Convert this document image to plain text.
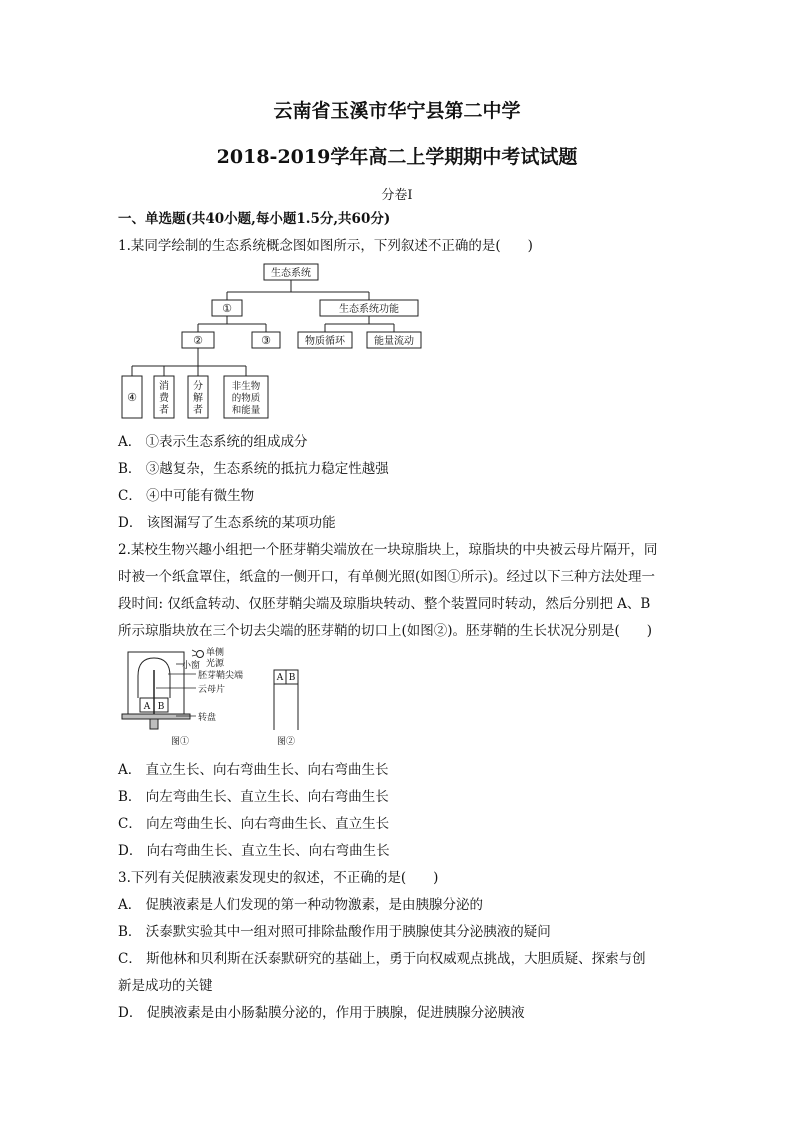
云南省玉溪市华宁县第二中学
2018-2019学年高二上学期期中考试试题
分卷I
一、单选题(共40小题,每小题1.5分,共60分)
1.某同学绘制的生态系统概念图如图所示，下列叙述不正确的是(　　)
生态系统
①	生态系统功能
②	③	物质循环	能量流动
④
消
费
者
分
解
者
非生物
的物质
和能量
A． ①表示生态系统的组成成分
B． ③越复杂，生态系统的抵抗力稳定性越强
C． ④中可能有微生物
D． 该图漏写了生态系统的某项功能
2.某校生物兴趣小组把一个胚芽鞘尖端放在一块琼脂块上，琼脂块的中央被云母片隔开，同
时被一个纸盒罩住，纸盒的一侧开口，有单侧光照(如图①所示)。经过以下三种方法处理一
段时间: 仅纸盒转动、仅胚芽鞘尖端及琼脂块转动、整个装置同时转动，然后分别把 A、B
所示琼脂块放在三个切去尖端的胚芽鞘的切口上(如图②)。胚芽鞘的生长状况分别是(　　)
A B
小窗
单侧
光源
胚芽鞘尖端
云母片
转盘
图①
A B
图②
A． 直立生长、向右弯曲生长、向右弯曲生长
B． 向左弯曲生长、直立生长、向右弯曲生长
C． 向左弯曲生长、向右弯曲生长、直立生长
D． 向右弯曲生长、直立生长、向右弯曲生长
3.下列有关促胰液素发现史的叙述，不正确的是(　　)
A． 促胰液素是人们发现的第一种动物激素，是由胰腺分泌的
B． 沃泰默实验其中一组对照可排除盐酸作用于胰腺使其分泌胰液的疑问
C． 斯他林和贝利斯在沃泰默研究的基础上，勇于向权威观点挑战，大胆质疑、探索与创
新是成功的关键
D． 促胰液素是由小肠黏膜分泌的，作用于胰腺，促进胰腺分泌胰液
